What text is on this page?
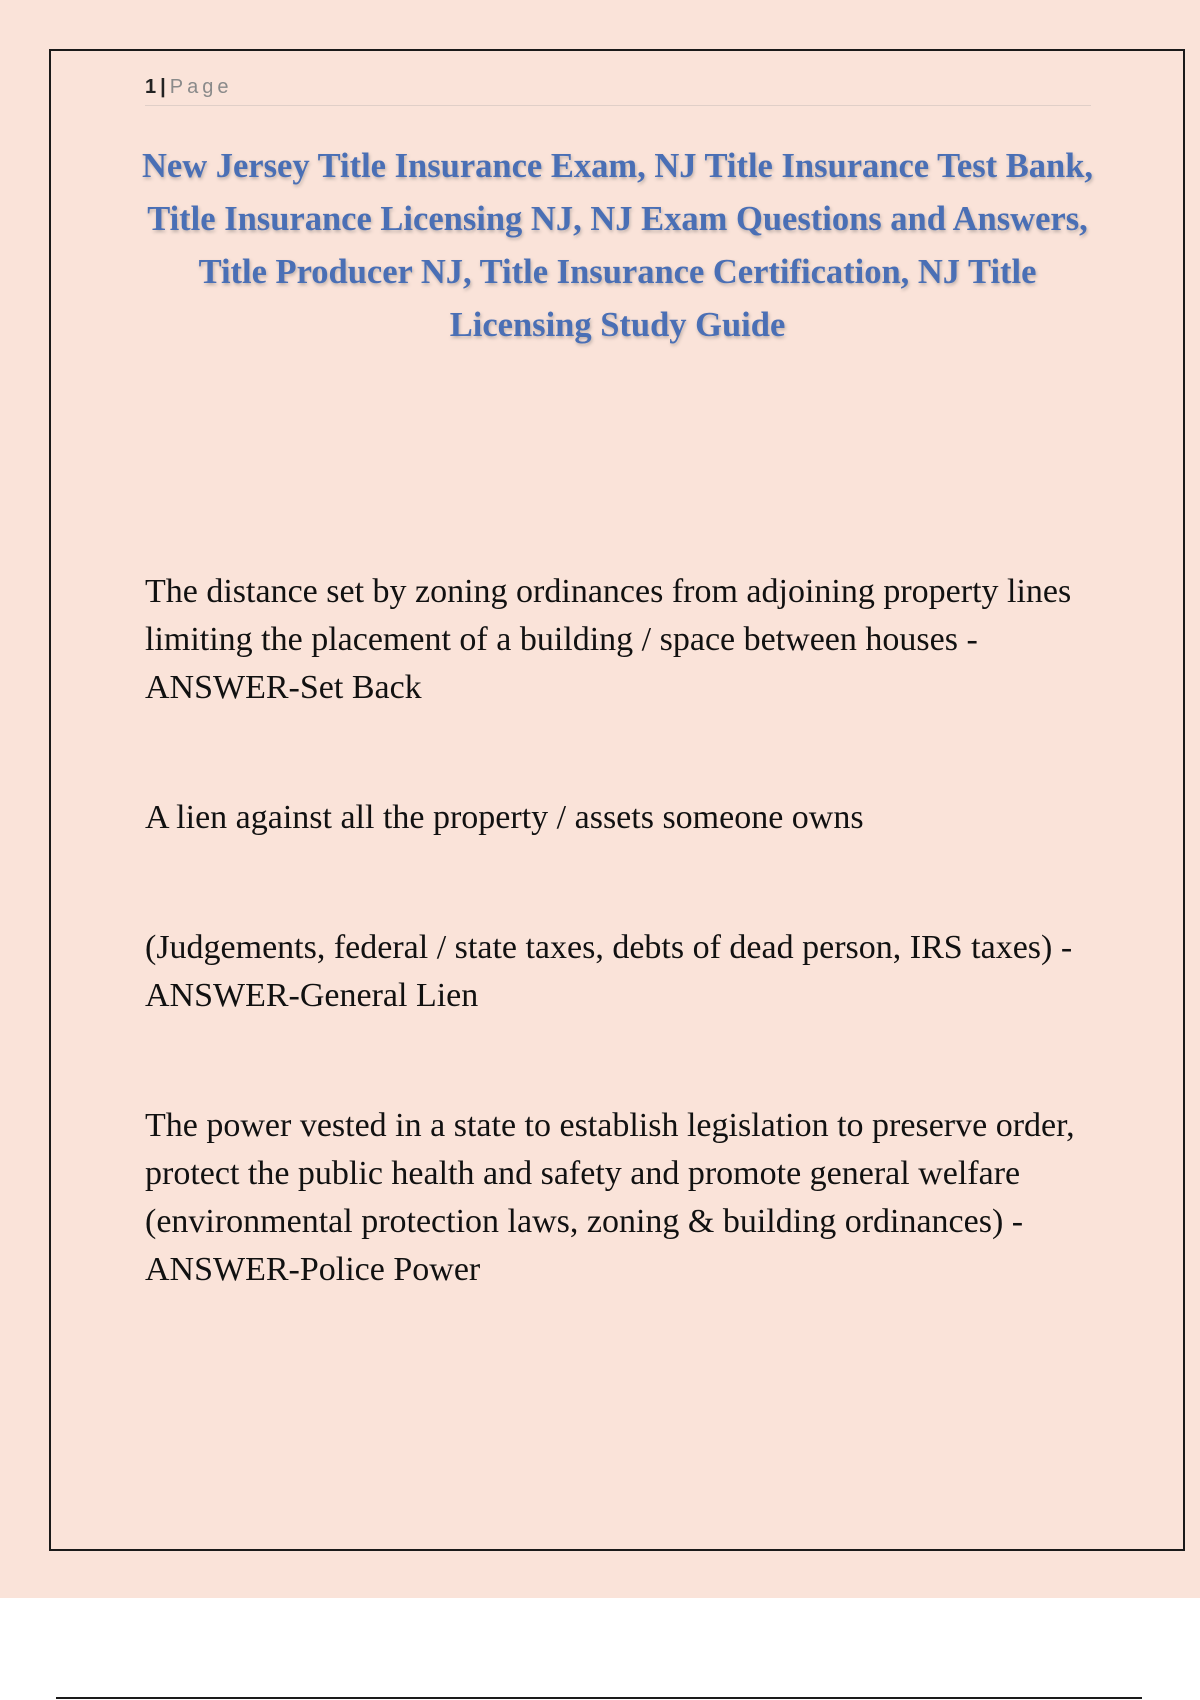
1 | Page
New Jersey Title Insurance Exam, NJ Title Insurance Test Bank, Title Insurance Licensing NJ, NJ Exam Questions and Answers, Title Producer NJ, Title Insurance Certification, NJ Title Licensing Study Guide

The distance set by zoning ordinances from adjoining property lines limiting the placement of a building / space between houses - ANSWER-Set Back

A lien against all the property / assets someone owns

(Judgements, federal / state taxes, debts of dead person, IRS taxes) - ANSWER-General Lien

The power vested in a state to establish legislation to preserve order, protect the public health and safety and promote general welfare (environmental protection laws, zoning & building ordinances) - ANSWER-Police Power
